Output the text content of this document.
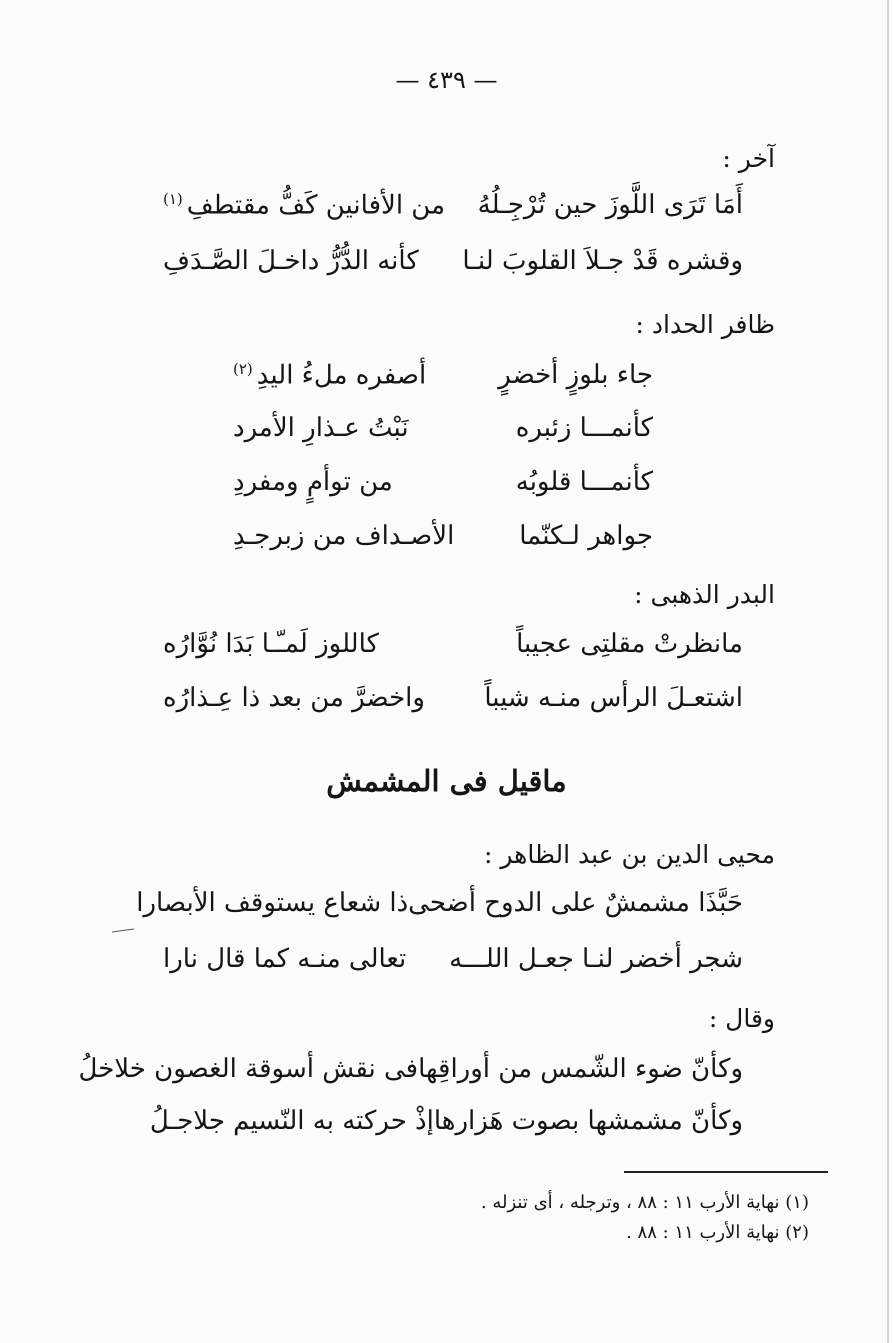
— ٤٣٩ —
آخر :
أَمَا تَرَى اللَّوزَ حين تُرْجِـلُهُ
من الأفانين كَفُّ مقتطفِ$^{(١)}$
وقشره قَدْ جـلاَ القلوبَ لنـا
كأنه الدُّرُّ داخـلَ الصَّـدَفِ
ظافر الحداد :
جاء بلوزٍ أخضرٍ
أصفره ملءُ اليدِ$^{(٢)}$
كأنمـــا زئبره
نَبْتُ عـذارِ الأمرد
كأنمـــا قلوبُه
من توأمٍ ومفردِ
جواهر لـكنّما
الأصـداف من زبرجـدِ
البدر الذهبى :
مانظرتْ مقلتِى عجيباً
كاللوز لَمـّـا بَدَا نُوَّارُه
اشتعـلَ الرأس منـه شيباً
واخضرَّ من بعد ذا عِـذارُه
ماقيل فى المشمش
محيى الدين بن عبد الظاهر :
حَبَّذَا مشمشٌ على الدوح أضحى
ذا شعاع يستوقف الأبصارا
شجر أخضر لنـا جعـل اللـــه
تعالى منـه كما قال نارا
وقال :
وكأنّ ضوء الشّمس من أوراقِها
فى نقش أسوقة الغصون خلاخلُ
وكأنّ مشمشها بصوت هَزارها
إذْ حركته به النّسيم جلاجـلُ
(١) نهاية الأرب ١١ : ٨٨ ، وترجله ، أى تنزله .
(٢) نهاية الأرب ١١ : ٨٨ .
